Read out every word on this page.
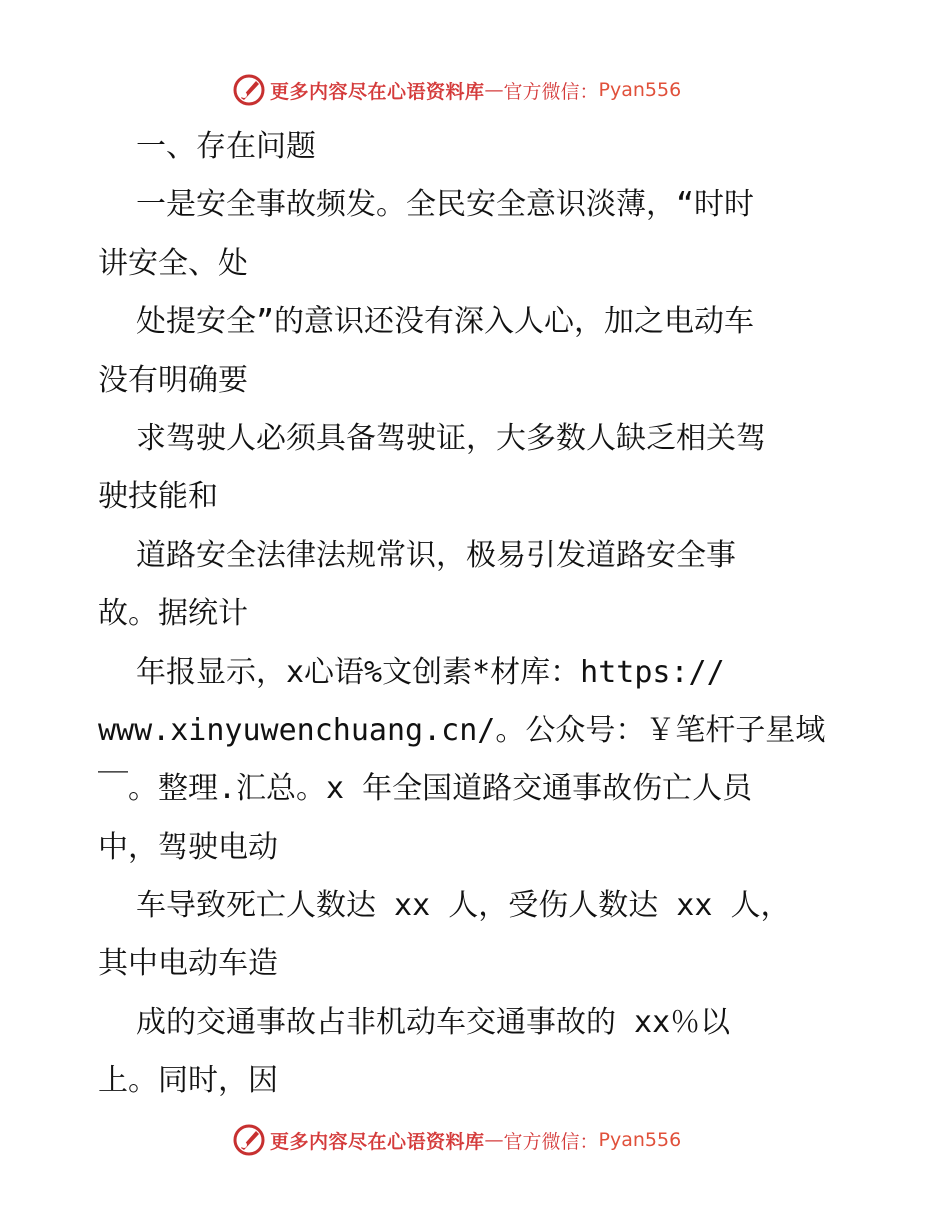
更多内容尽在心语资料库 — 官方微信： Pyan556
一、存在问题
一是安全事故频发。全民安全意识淡薄，“时时
讲安全、处
处提安全”的意识还没有深入人心，加之电动车
没有明确要
求驾驶人必须具备驾驶证，大多数人缺乏相关驾
驶技能和
道路安全法律法规常识，极易引发道路安全事
故。据统计
年报显示，x心语%文创素*材库：https://
www.xinyuwenchuang.cn/。公众号：￥笔杆子星域
￣。整理.汇总。x 年全国道路交通事故伤亡人员
中，驾驶电动
车导致死亡人数达 xx 人，受伤人数达 xx 人，
其中电动车造
成的交通事故占非机动车交通事故的 xx％以
上。同时，因
更多内容尽在心语资料库 — 官方微信： Pyan556
